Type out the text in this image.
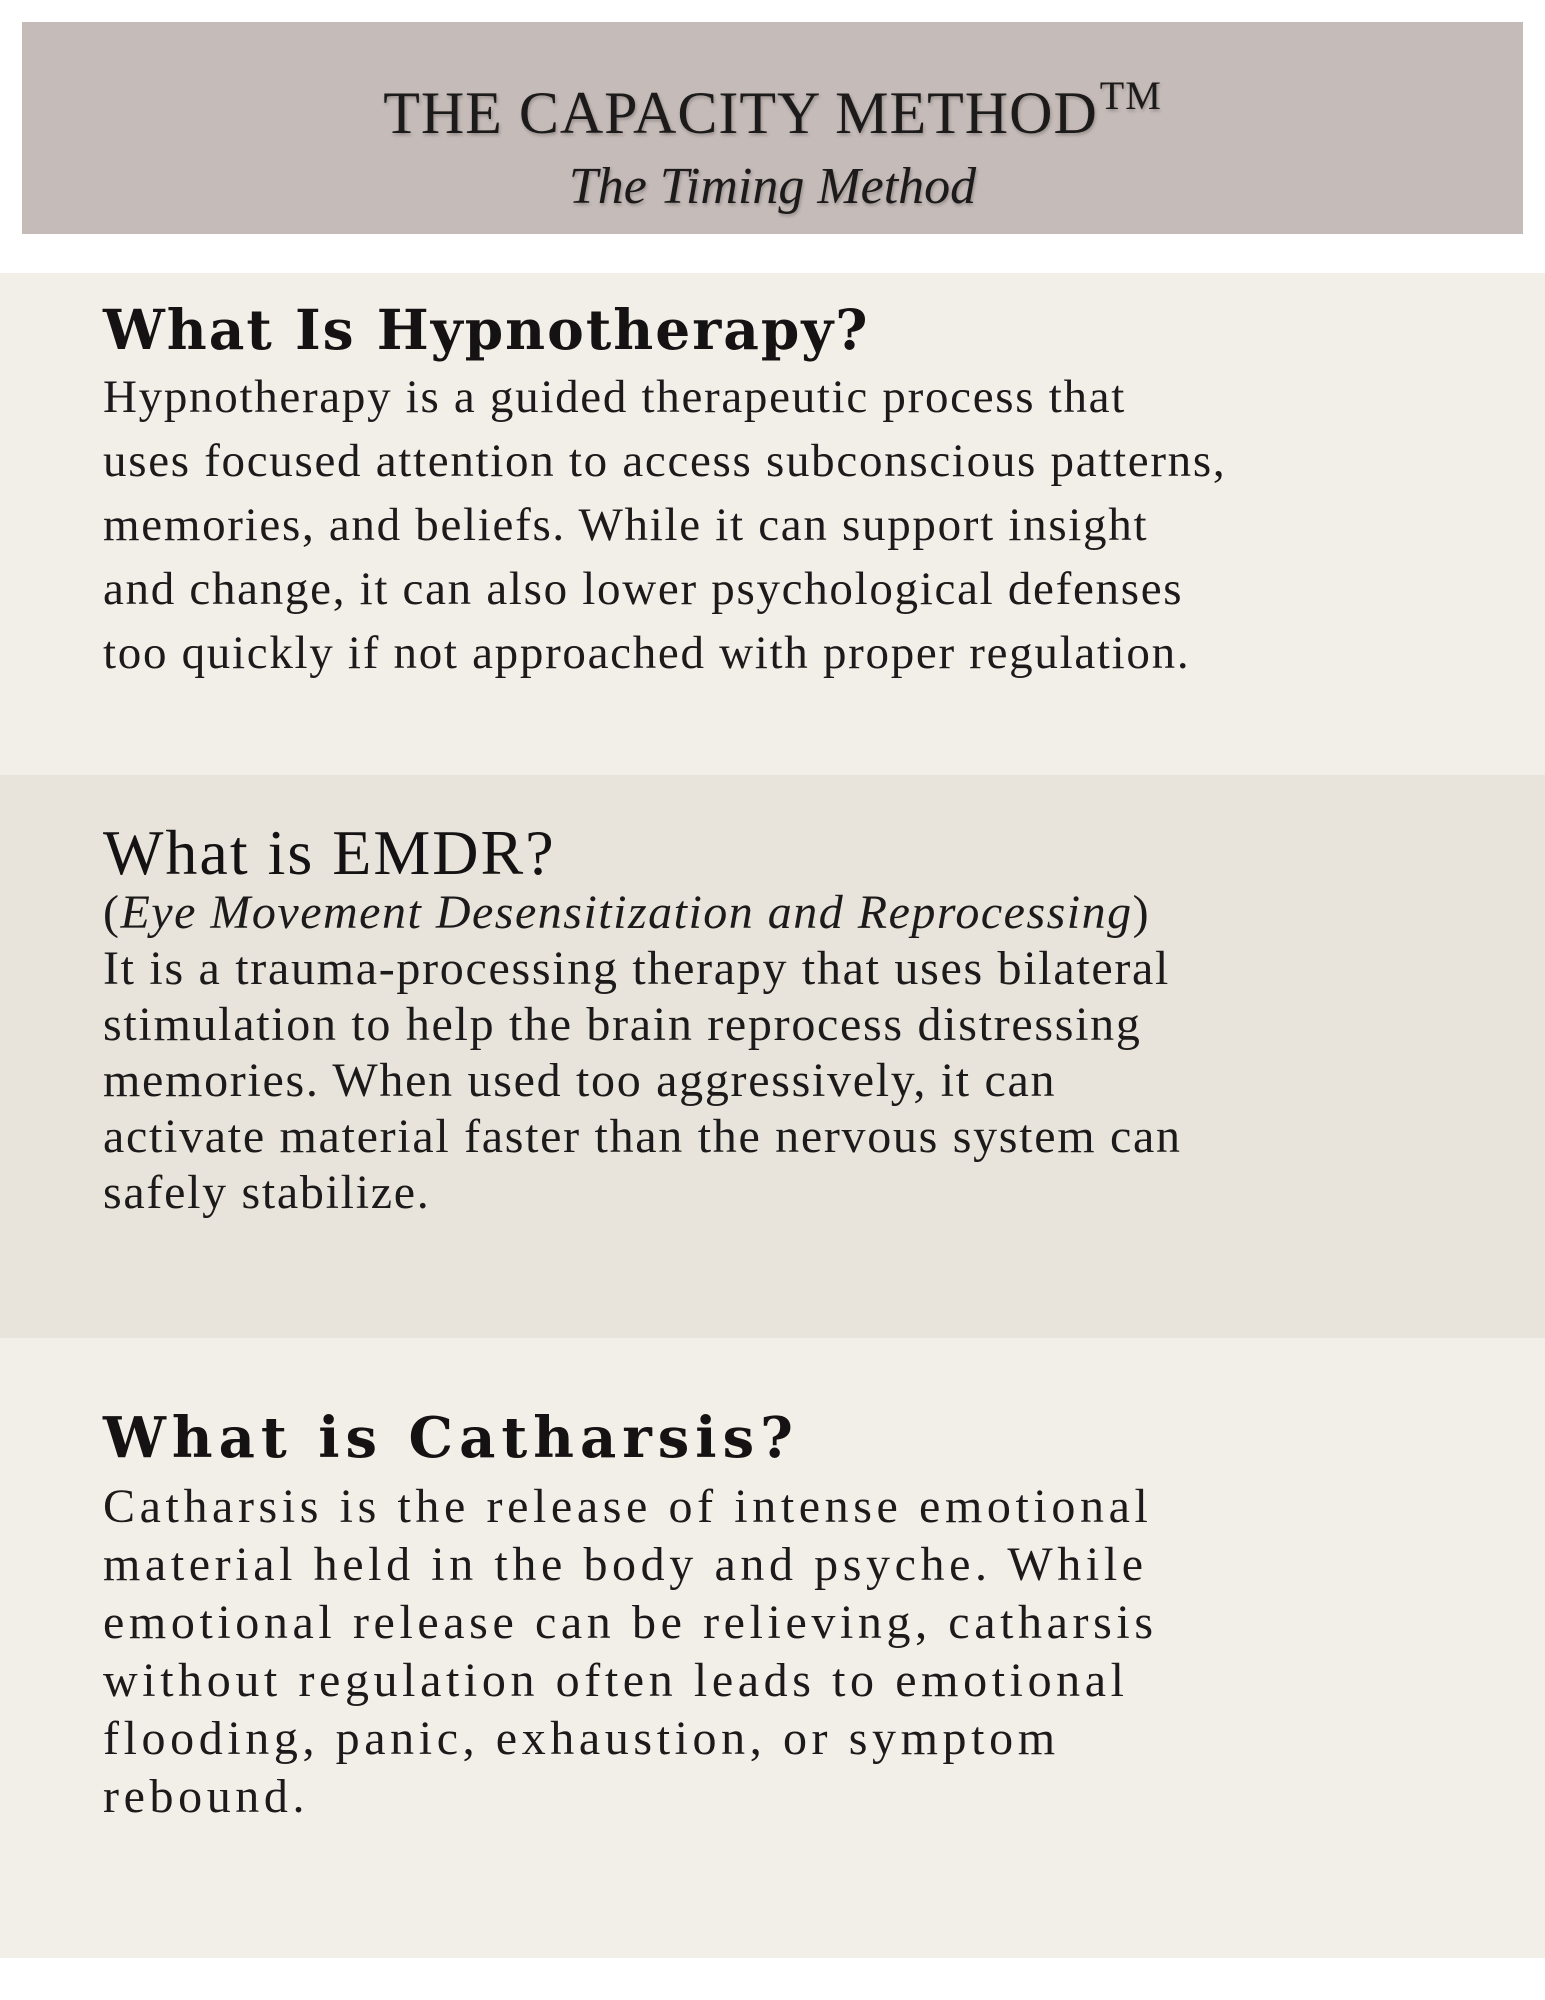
THE CAPACITY METHOD™
The Timing Method
What Is Hypnotherapy?
Hypnotherapy is a guided therapeutic process that
uses focused attention to access subconscious patterns,
memories, and beliefs. While it can support insight
and change, it can also lower psychological defenses
too quickly if not approached with proper regulation.
What is EMDR?
(Eye Movement Desensitization and Reprocessing)
It is a trauma-processing therapy that uses bilateral
stimulation to help the brain reprocess distressing
memories. When used too aggressively, it can
activate material faster than the nervous system can
safely stabilize.
What is Catharsis?
Catharsis is the release of intense emotional
material held in the body and psyche. While
emotional release can be relieving, catharsis
without regulation often leads to emotional
flooding, panic, exhaustion, or symptom
rebound.
